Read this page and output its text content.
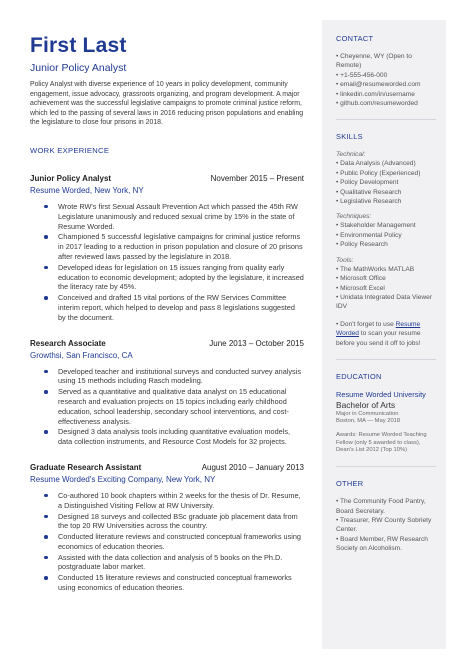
First Last
Junior Policy Analyst
Policy Analyst with diverse experience of 10 years in policy development, community engagement, issue advocacy, grassroots organizing, and program development. A major achievement was the successful legislative campaigns to promote criminal justice reform, which led to the passing of several laws in 2016 reducing prison populations and enabling the legislature to close four prisons in 2018.
WORK EXPERIENCE
Junior Policy Analyst	November 2015 – Present
Resume Worded, New York, NY
Wrote RW's first Sexual Assault Prevention Act which passed the 45th RW Legislature unanimously and reduced sexual crime by 15% in the state of Resume Worded.
Championed 5 successful legislative campaigns for criminal justice reforms in 2017 leading to a reduction in prison population and closure of 20 prisons after reviewed laws passed by the legislature in 2018.
Developed ideas for legislation on 15 issues ranging from quality early education to economic development; adopted by the legislature, it increased the literacy rate by 45%.
Conceived and drafted 15 vital portions of the RW Services Committee interim report, which helped to develop and pass 8 legislations suggested by the document.
Research Associate	June 2013 – October 2015
Growthsi, San Francisco, CA
Developed teacher and institutional surveys and conducted survey analysis using 15 methods including Rasch modeling.
Served as a quantitative and qualitative data analyst on 15 educational research and evaluation projects on 15 topics including early childhood education, school leadership, secondary school interventions, and cost-effectiveness analysis.
Designed 3 data analysis tools including quantitative evaluation models, data collection instruments, and Resource Cost Models for 32 projects.
Graduate Research Assistant	August 2010 – January 2013
Resume Worded's Exciting Company, New York, NY
Co-authored 10 book chapters within 2 weeks for the thesis of Dr. Resume, a Distinguished Visiting Fellow at RW University.
Designed 18 surveys and collected BSc graduate job placement data from the top 20 RW Universities across the country.
Conducted literature reviews and constructed conceptual frameworks using economics of education theories.
Assisted with the data collection and analysis of 5 books on the Ph.D. postgraduate labor market.
Conducted 15 literature reviews and constructed conceptual frameworks using economics of education theories.
CONTACT
• Cheyenne, WY (Open to Remote)
• +1-555-456-000
• email@resumeworded.com
• linkedin.com/in/username
• github.com/resumeworded
SKILLS
Technical:
• Data Analysis (Advanced)
• Public Policy (Experienced)
• Policy Development
• Qualitative Research
• Legislative Research
Techniques:
• Stakeholder Management
• Environmental Policy
• Policy Research
Tools:
• The MathWorks MATLAB
• Microsoft Office
• Microsoft Excel
• Unidata Integrated Data Viewer IDV
• Don't forget to use Resume Worded to scan your resume before you send it off to jobs!
EDUCATION
Resume Worded University
Bachelor of Arts
Major in Communication
Boston, MA — May 2018
Awards: Resume Worded Teaching Fellow (only 5 awarded to class), Dean's List 2012 (Top 10%)
OTHER
• The Community Food Pantry, Board Secretary.
• Treasurer, RW County Sobriety Center.
• Board Member, RW Research Society on Alcoholism.
